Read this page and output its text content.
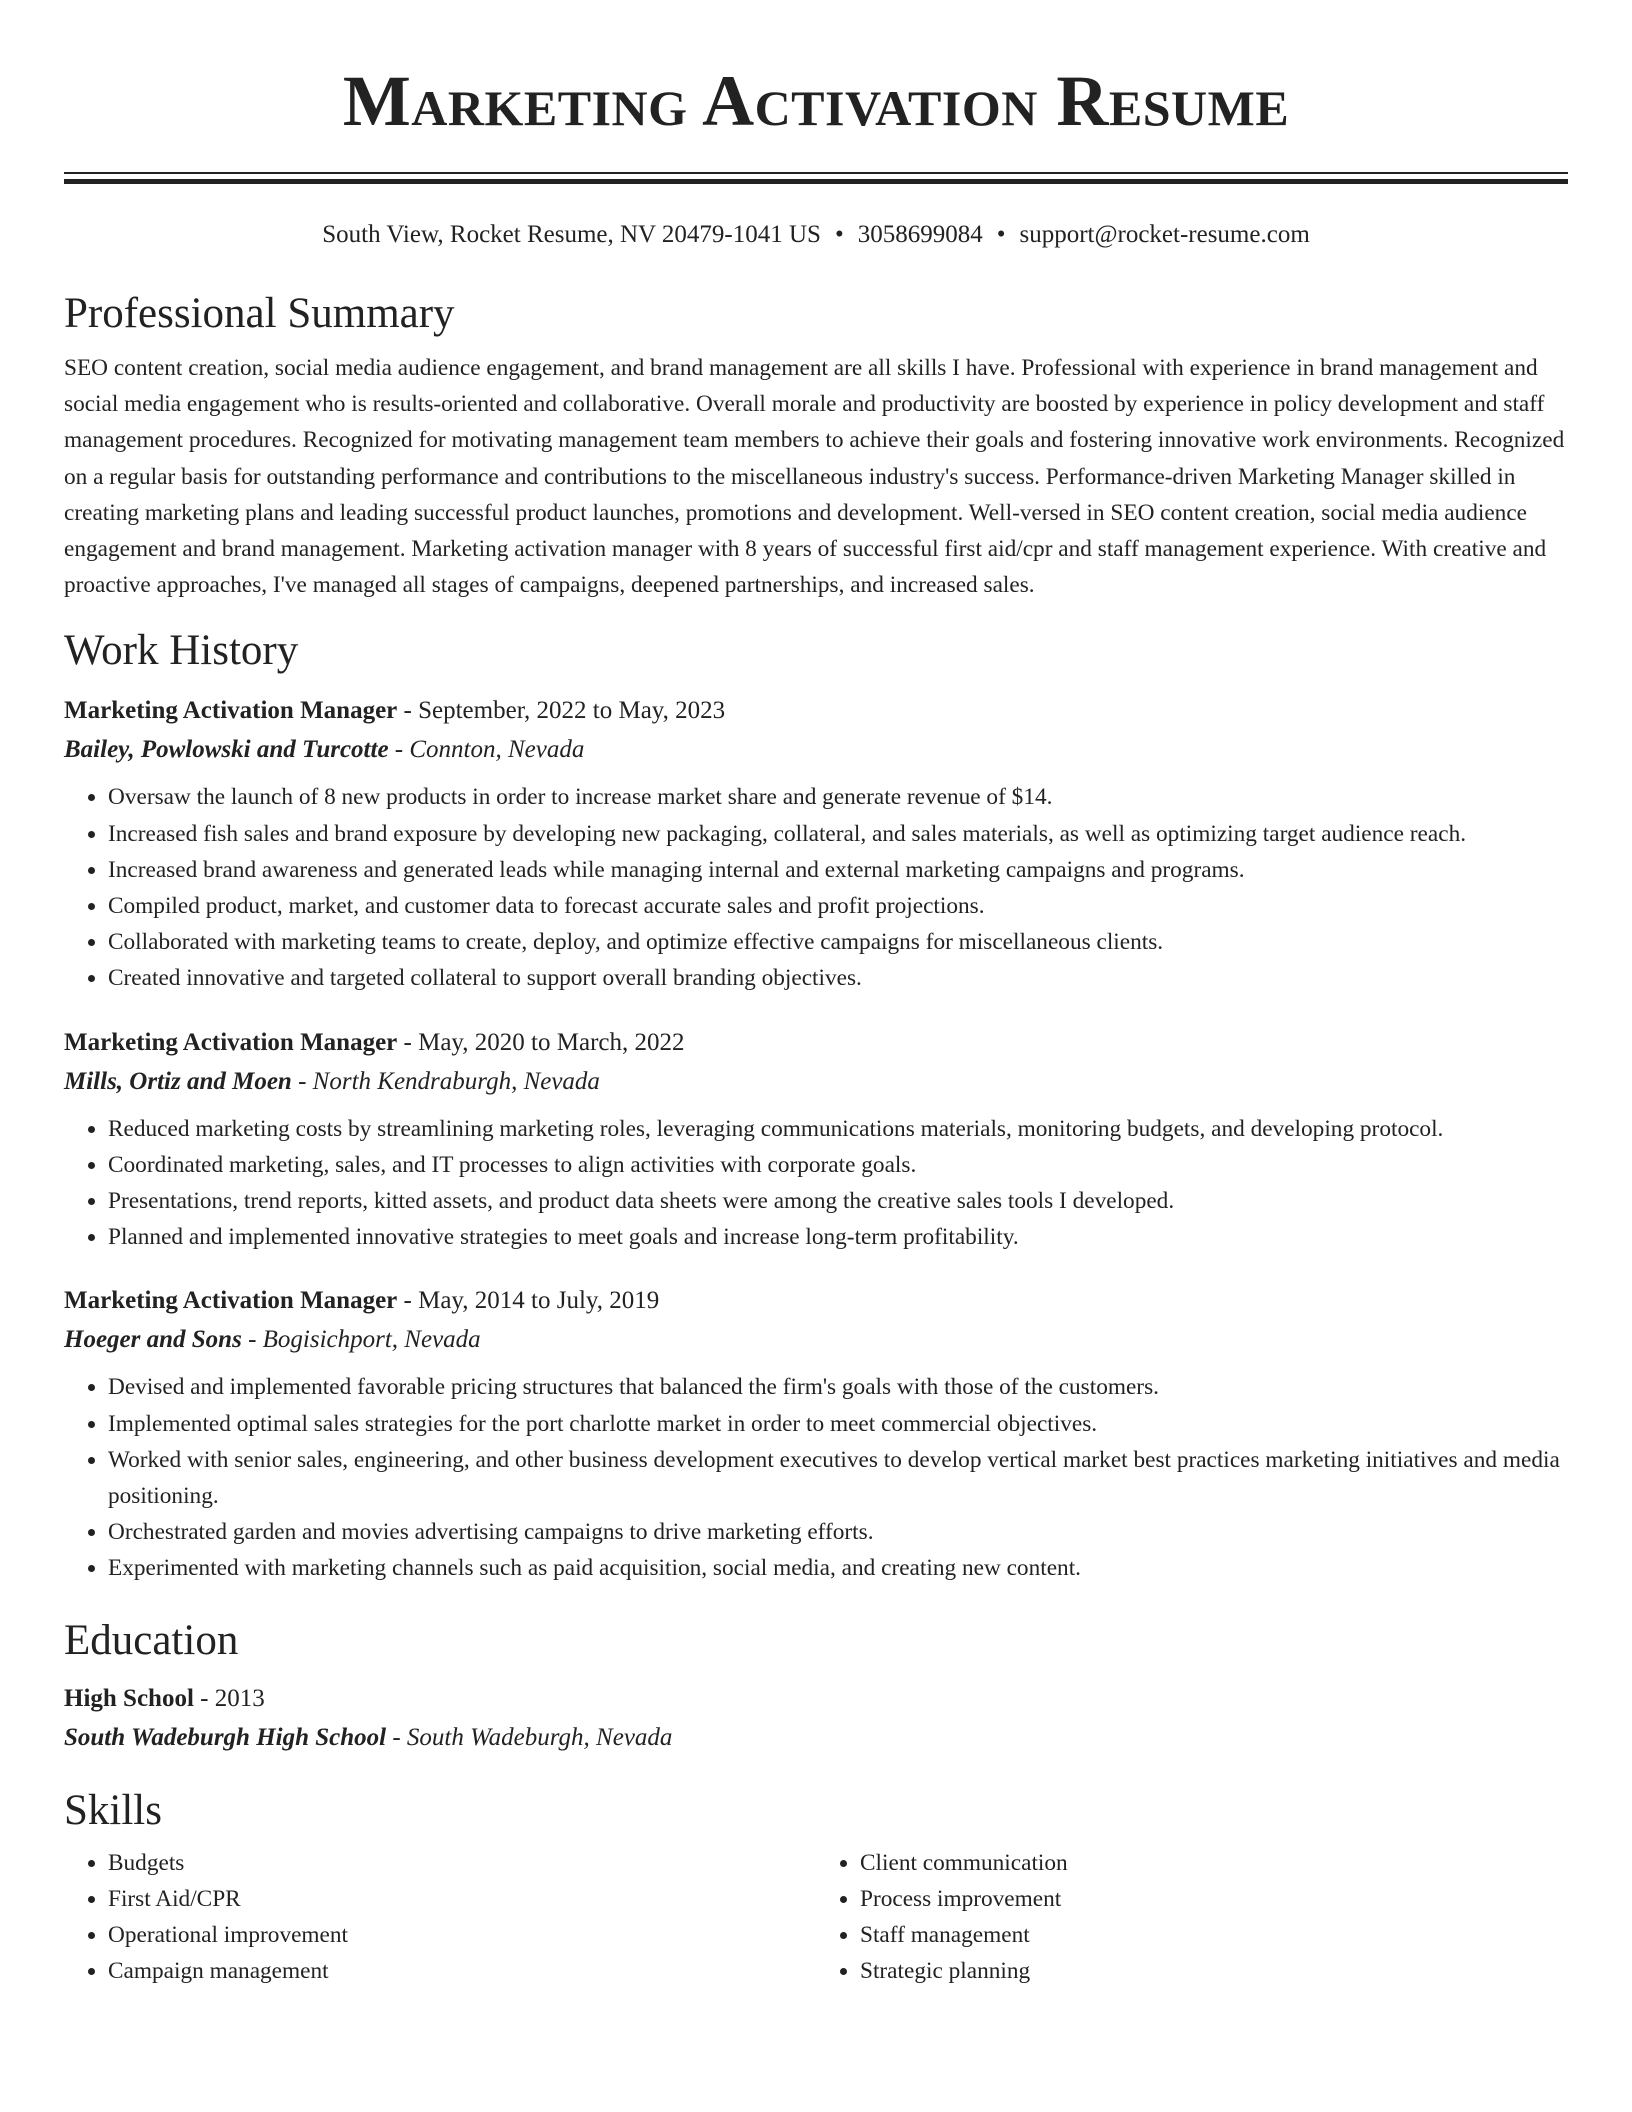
Marketing Activation Resume
South View, Rocket Resume, NV 20479-1041 US • 3058699084 • support@rocket-resume.com
Professional Summary

SEO content creation, social media audience engagement, and brand management are all skills I have. Professional with experience in brand management and social media engagement who is results-oriented and collaborative. Overall morale and productivity are boosted by experience in policy development and staff management procedures. Recognized for motivating management team members to achieve their goals and fostering innovative work environments. Recognized on a regular basis for outstanding performance and contributions to the miscellaneous industry's success. Performance-driven Marketing Manager skilled in creating marketing plans and leading successful product launches, promotions and development. Well-versed in SEO content creation, social media audience engagement and brand management. Marketing activation manager with 8 years of successful first aid/cpr and staff management experience. With creative and proactive approaches, I've managed all stages of campaigns, deepened partnerships, and increased sales.

Work History
Marketing Activation Manager - September, 2022 to May, 2023
Bailey, Powlowski and Turcotte - Connton, Nevada
• Oversaw the launch of 8 new products in order to increase market share and generate revenue of $14.
• Increased fish sales and brand exposure by developing new packaging, collateral, and sales materials, as well as optimizing target audience reach.
• Increased brand awareness and generated leads while managing internal and external marketing campaigns and programs.
• Compiled product, market, and customer data to forecast accurate sales and profit projections.
• Collaborated with marketing teams to create, deploy, and optimize effective campaigns for miscellaneous clients.
• Created innovative and targeted collateral to support overall branding objectives.
Marketing Activation Manager - May, 2020 to March, 2022
Mills, Ortiz and Moen - North Kendraburgh, Nevada
• Reduced marketing costs by streamlining marketing roles, leveraging communications materials, monitoring budgets, and developing protocol.
• Coordinated marketing, sales, and IT processes to align activities with corporate goals.
• Presentations, trend reports, kitted assets, and product data sheets were among the creative sales tools I developed.
• Planned and implemented innovative strategies to meet goals and increase long-term profitability.
Marketing Activation Manager - May, 2014 to July, 2019
Hoeger and Sons - Bogisichport, Nevada
• Devised and implemented favorable pricing structures that balanced the firm's goals with those of the customers.
• Implemented optimal sales strategies for the port charlotte market in order to meet commercial objectives.
• Worked with senior sales, engineering, and other business development executives to develop vertical market best practices marketing initiatives and media positioning.
• Orchestrated garden and movies advertising campaigns to drive marketing efforts.
• Experimented with marketing channels such as paid acquisition, social media, and creating new content.
Education
High School - 2013
South Wadeburgh High School - South Wadeburgh, Nevada
Skills
• Budgets
• First Aid/CPR
• Operational improvement
• Campaign management
• Client communication
• Process improvement
• Staff management
• Strategic planning
